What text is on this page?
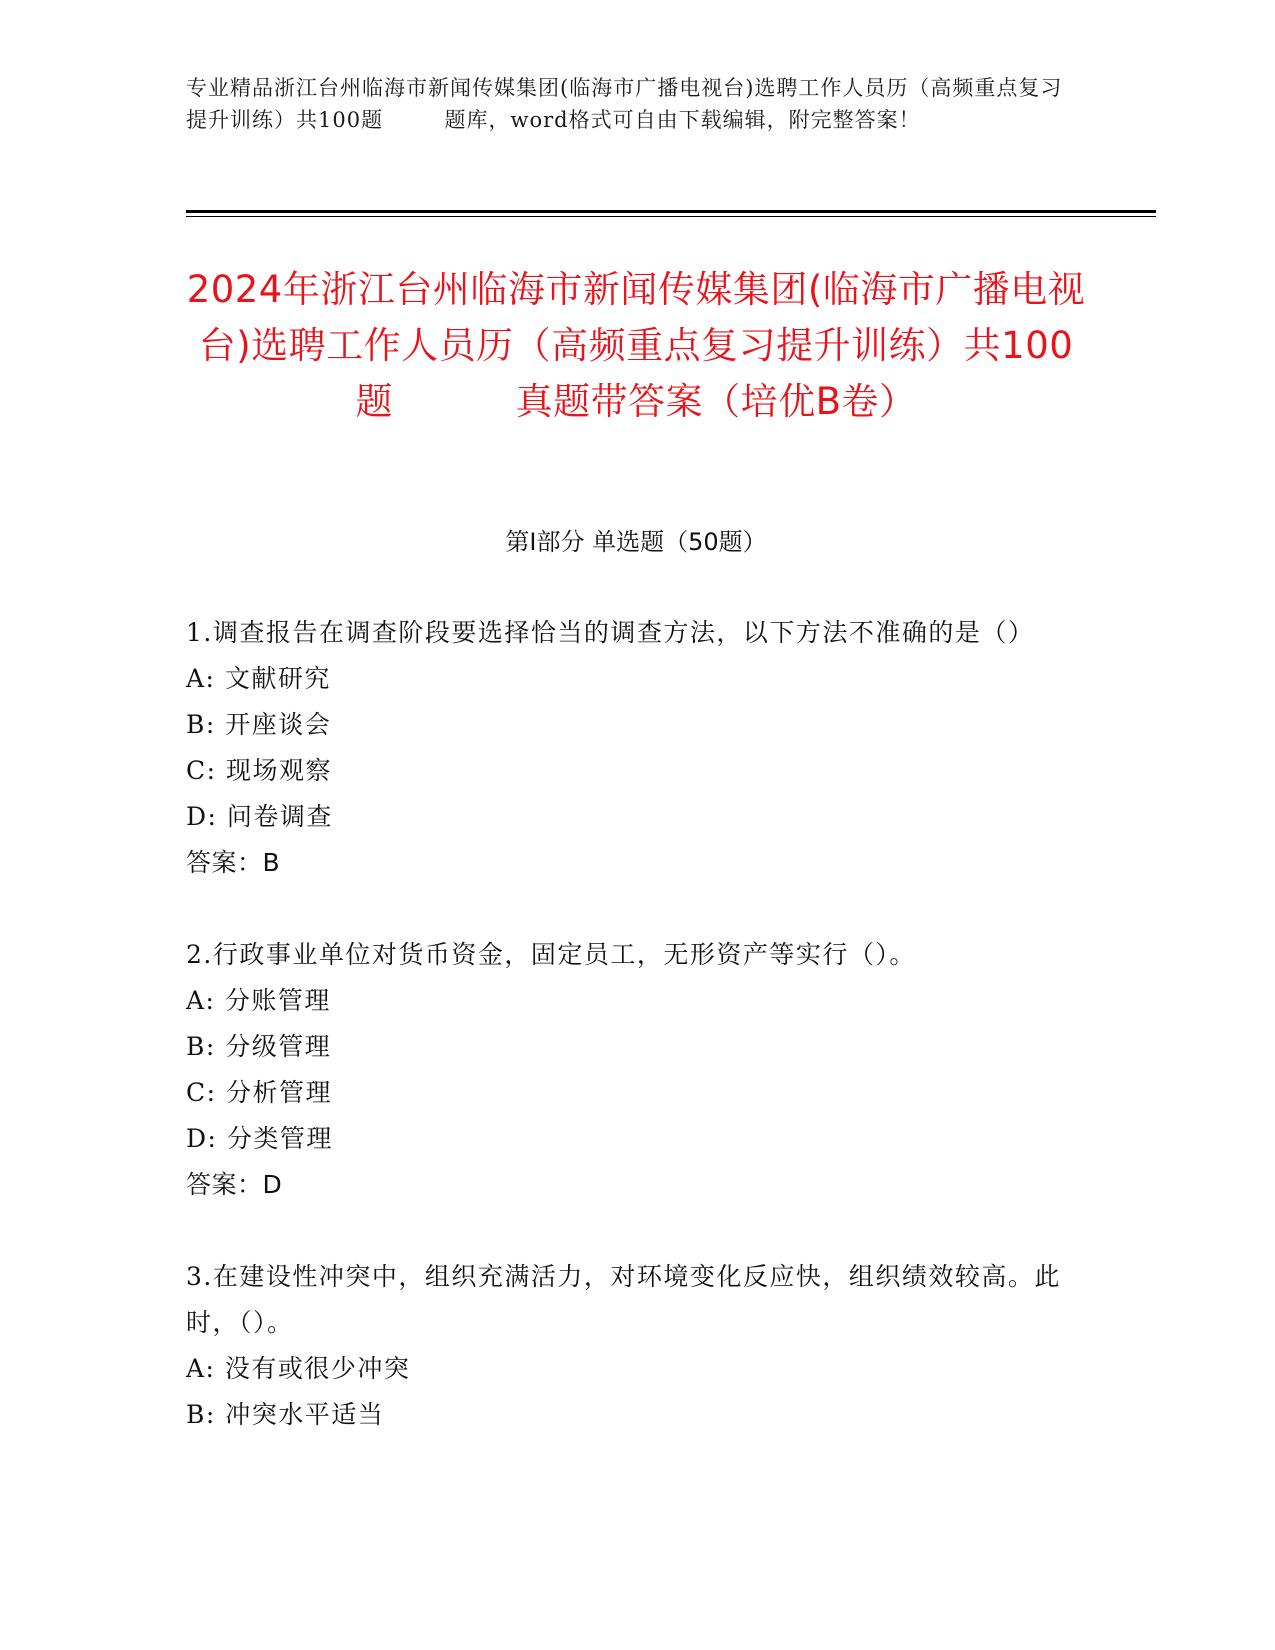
专业精品浙江台州临海市新闻传媒集团(临海市广播电视台)选聘工作人员历（高频重点复习提升训练）共100题        题库，word格式可自由下载编辑，附完整答案！
2024年浙江台州临海市新闻传媒集团(临海市广播电视台)选聘工作人员历（高频重点复习提升训练）共100题          真题带答案（培优B卷）
第Ⅰ部分 单选题（50题）
1.调查报告在调查阶段要选择恰当的调查方法，以下方法不准确的是（）
A: 文献研究
B: 开座谈会
C: 现场观察
D: 问卷调查
答案：B
2.行政事业单位对货币资金，固定员工，无形资产等实行（）。
A: 分账管理
B: 分级管理
C: 分析管理
D: 分类管理
答案：D
3.在建设性冲突中，组织充满活力，对环境变化反应快，组织绩效较高。此时，（）。
A: 没有或很少冲突
B: 冲突水平适当
